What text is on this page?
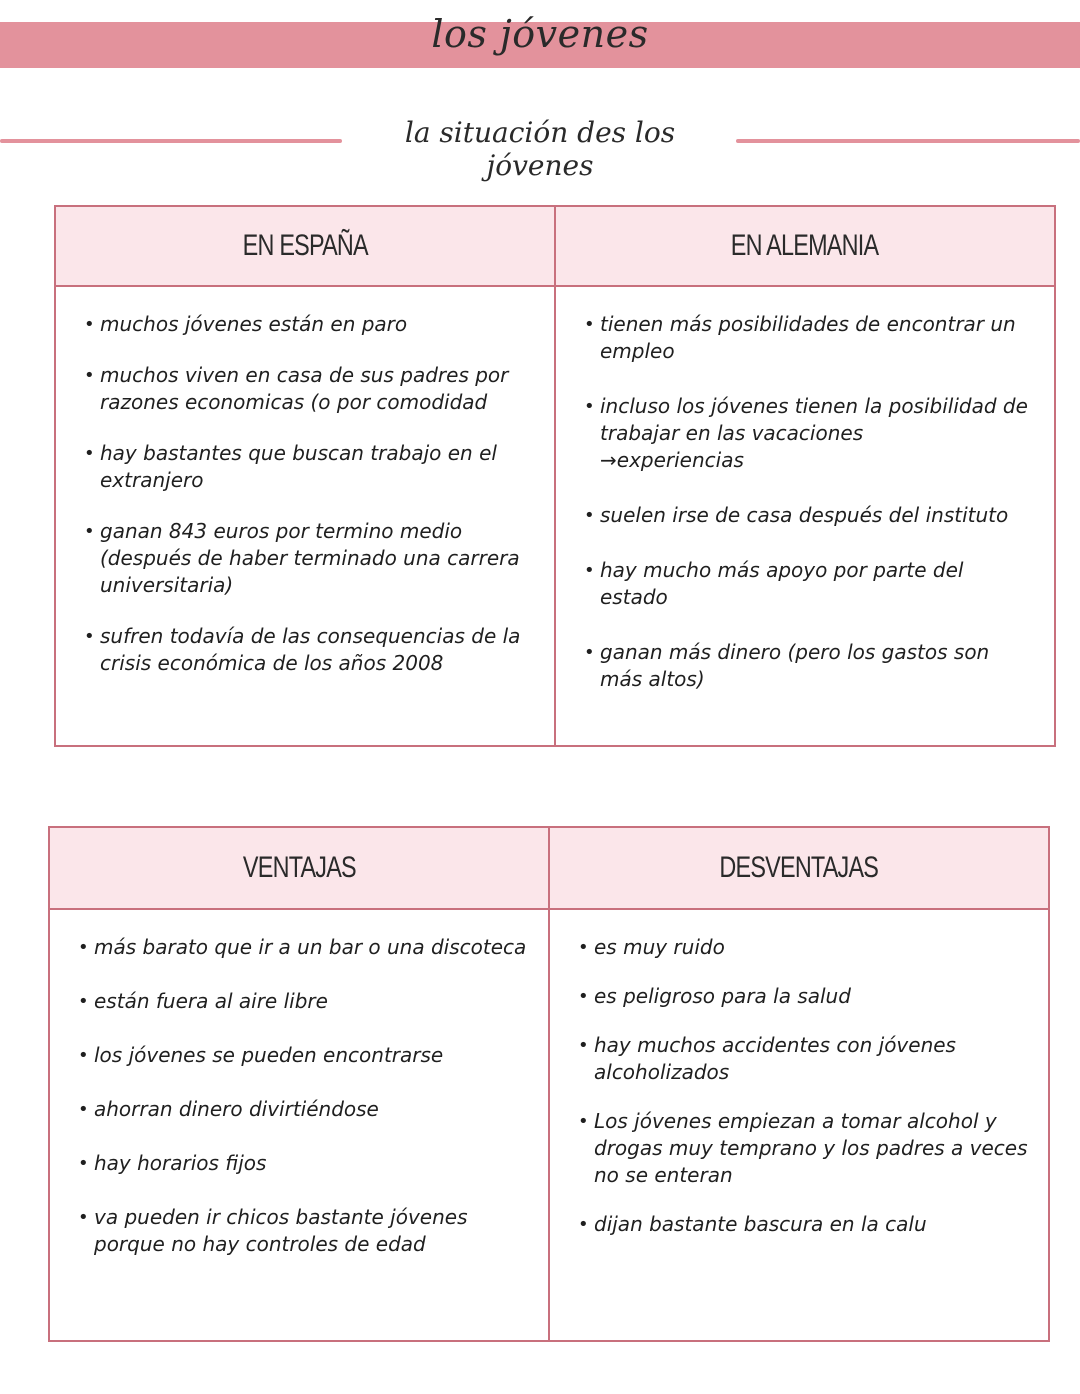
los jóvenes
la situación des los jóvenes
EN ESPAÑA
• muchos jóvenes están en paro
• muchos viven en casa de sus padres por razones economicas (o por comodidad
• hay bastantes que buscan trabajo en el extranjero
• ganan 843 euros por termino medio (después de haber terminado una carrera universitaria)
• sufren todavía de las consequencias de la crisis económica de los años 2008
EN ALEMANIA
• tienen más posibilidades de encontrar un empleo
• incluso los jóvenes tienen la posibilidad de trabajar en las vacaciones
→experiencias
• suelen irse de casa después del instituto
• hay mucho más apoyo por parte del estado
• ganan más dinero (pero los gastos son más altos)
VENTAJAS
• más barato que ir a un bar o una discoteca
• están fuera al aire libre
• los jóvenes se pueden encontrarse
• ahorran dinero divirtiéndose
• hay horarios fijos
• va pueden ir chicos bastante jóvenes porque no hay controles de edad
DESVENTAJAS
• es muy ruido
• es peligroso para la salud
• hay muchos accidentes con jóvenes alcoholizados
• Los jóvenes empiezan a tomar alcohol y drogas muy temprano y los padres a veces no se enteran
• dijan bastante bascura en la calu
